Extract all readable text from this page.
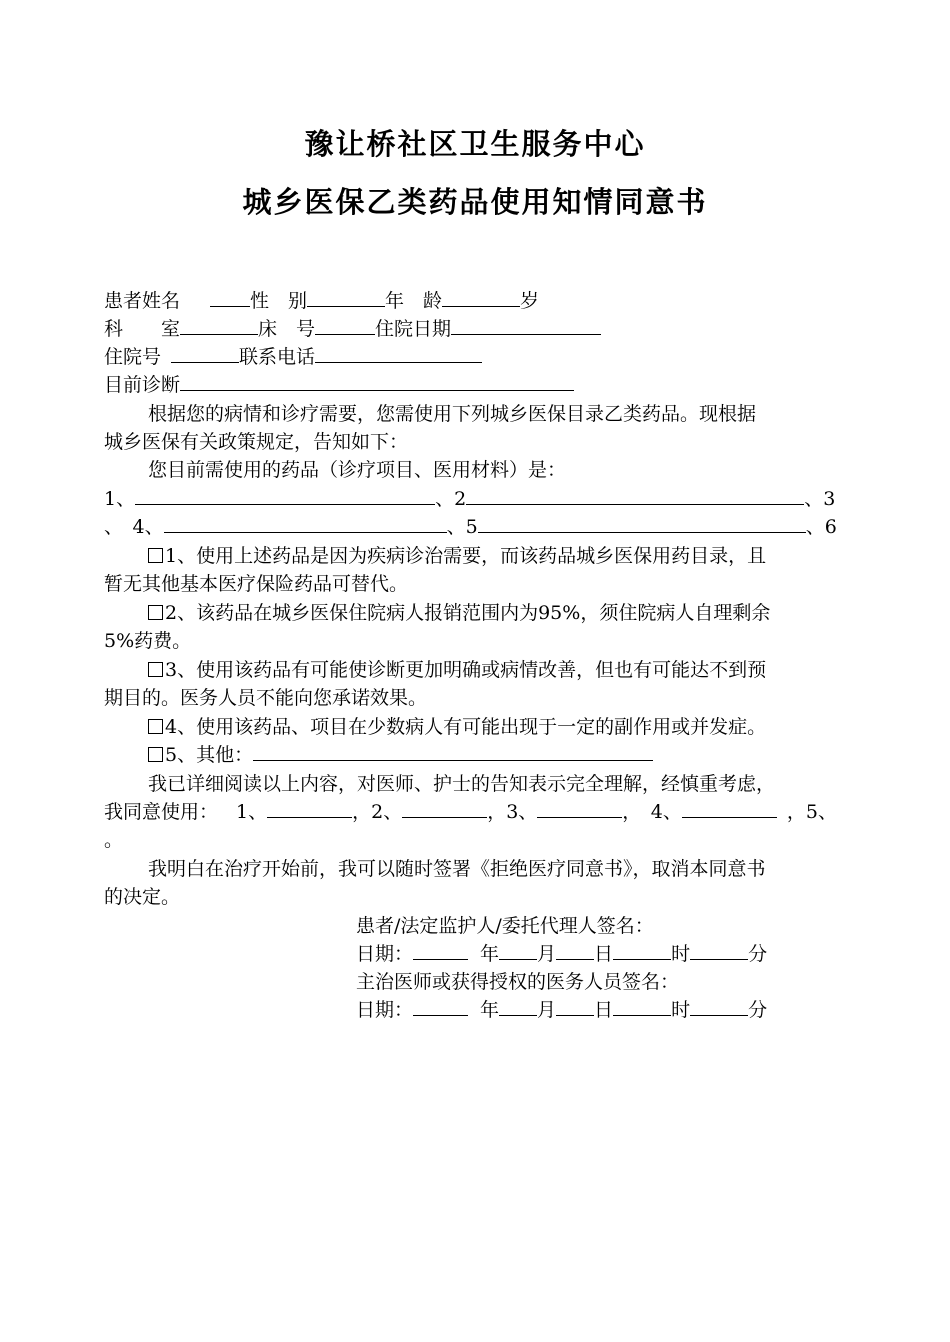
豫让桥社区卫生服务中心
城乡医保乙类药品使用知情同意书
患者姓名	性　别	年　龄	岁
科　　室	床　号	住院日期
住院号	联系电话
目前诊断
根据您的病情和诊疗需要，您需使用下列城乡医保目录乙类药品。现根据
城乡医保有关政策规定，告知如下：
您目前需使用的药品（诊疗项目、医用材料）是：
1、	、2	、3
、　4、	、5	、6
1、使用上述药品是因为疾病诊治需要，而该药品城乡医保用药目录，且
暂无其他基本医疗保险药品可替代。
2、该药品在城乡医保住院病人报销范围内为95%，须住院病人自理剩余
5%药费。
3、使用该药品有可能使诊断更加明确或病情改善，但也有可能达不到预
期目的。医务人员不能向您承诺效果。
4、使用该药品、项目在少数病人有可能出现于一定的副作用或并发症。
5、其他：
我已详细阅读以上内容，对医师、护士的告知表示完全理解，经慎重考虑，
我同意使用： 1、	，2、	，3、	，　4、	，5、
。
我明白在治疗开始前，我可以随时签署《拒绝医疗同意书》，取消本同意书
的决定。
患者/法定监护人/委托代理人签名：
日期：	年 月 日	时	分
主治医师或获得授权的医务人员签名：
日期：	年 月 日	时	分
